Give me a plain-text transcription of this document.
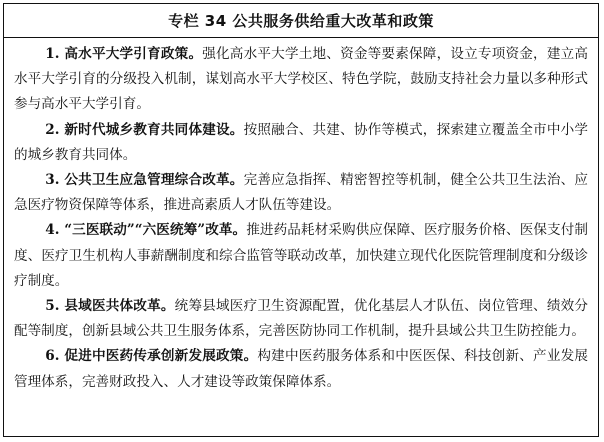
专栏 34 公共服务供给重大改革和政策

1. 高水平大学引育政策。强化高水平大学土地、资金等要素保障，设立专项资金，建立高水平大学引育的分级投入机制，谋划高水平大学校区、特色学院，鼓励支持社会力量以多种形式参与高水平大学引育。

2. 新时代城乡教育共同体建设。按照融合、共建、协作等模式，探索建立覆盖全市中小学的城乡教育共同体。

3. 公共卫生应急管理综合改革。完善应急指挥、精密智控等机制，健全公共卫生法治、应急医疗物资保障等体系，推进高素质人才队伍等建设。

4. “三医联动”“六医统筹”改革。推进药品耗材采购供应保障、医疗服务价格、医保支付制度、医疗卫生机构人事薪酬制度和综合监管等联动改革，加快建立现代化医院管理制度和分级诊疗制度。

5. 县域医共体改革。统筹县域医疗卫生资源配置，优化基层人才队伍、岗位管理、绩效分配等制度，创新县域公共卫生服务体系，完善医防协同工作机制，提升县域公共卫生防控能力。

6. 促进中医药传承创新发展政策。构建中医药服务体系和中医医保、科技创新、产业发展管理体系，完善财政投入、人才建设等政策保障体系。
